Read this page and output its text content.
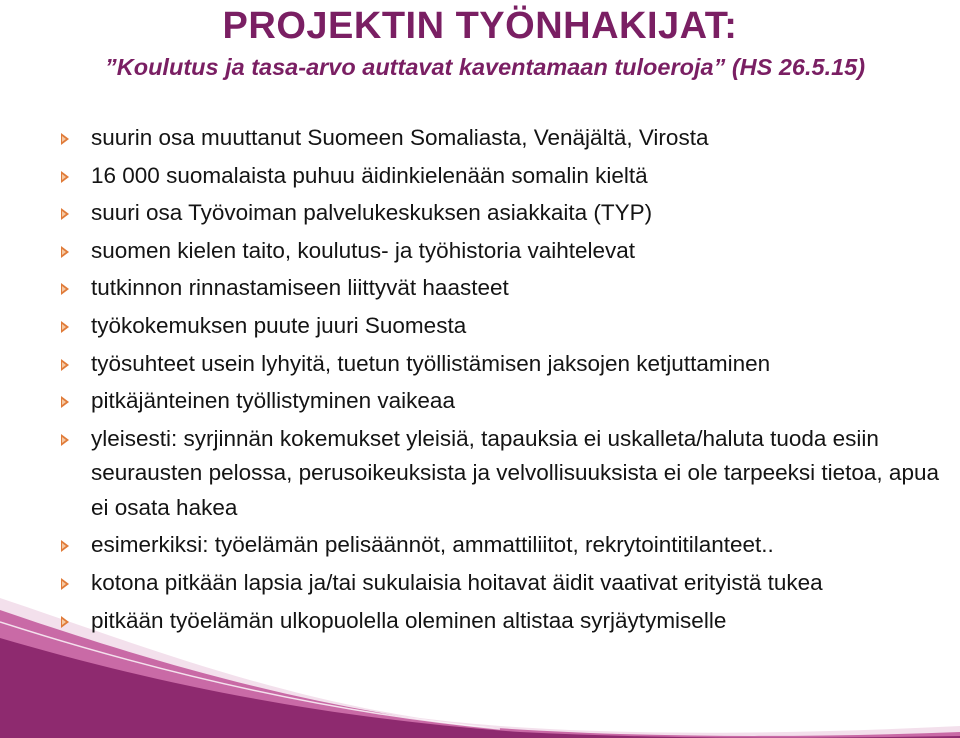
PROJEKTIN TYÖNHAKIJAT:

”Koulutus ja tasa-arvo auttavat kaventamaan tuloeroja” (HS 26.5.15)

suurin osa muuttanut Suomeen Somaliasta, Venäjältä, Virosta
16 000 suomalaista puhuu äidinkielenään somalin kieltä
suuri osa Työvoiman palvelukeskuksen asiakkaita (TYP)
suomen kielen taito, koulutus- ja työhistoria vaihtelevat
tutkinnon rinnastamiseen liittyvät haasteet
työkokemuksen puute juuri Suomesta
työsuhteet usein lyhyitä, tuetun työllistämisen jaksojen ketjuttaminen
pitkäjänteinen työllistyminen vaikeaa
yleisesti: syrjinnän kokemukset yleisiä, tapauksia ei uskalleta/haluta tuoda esiin seurausten pelossa, perusoikeuksista ja velvollisuuksista ei ole tarpeeksi tietoa, apua ei osata hakea
esimerkiksi: työelämän pelisäännöt, ammattiliitot, rekrytointitilanteet..
kotona pitkään lapsia ja/tai sukulaisia hoitavat äidit vaativat erityistä tukea
pitkään työelämän ulkopuolella oleminen altistaa syrjäytymiselle
